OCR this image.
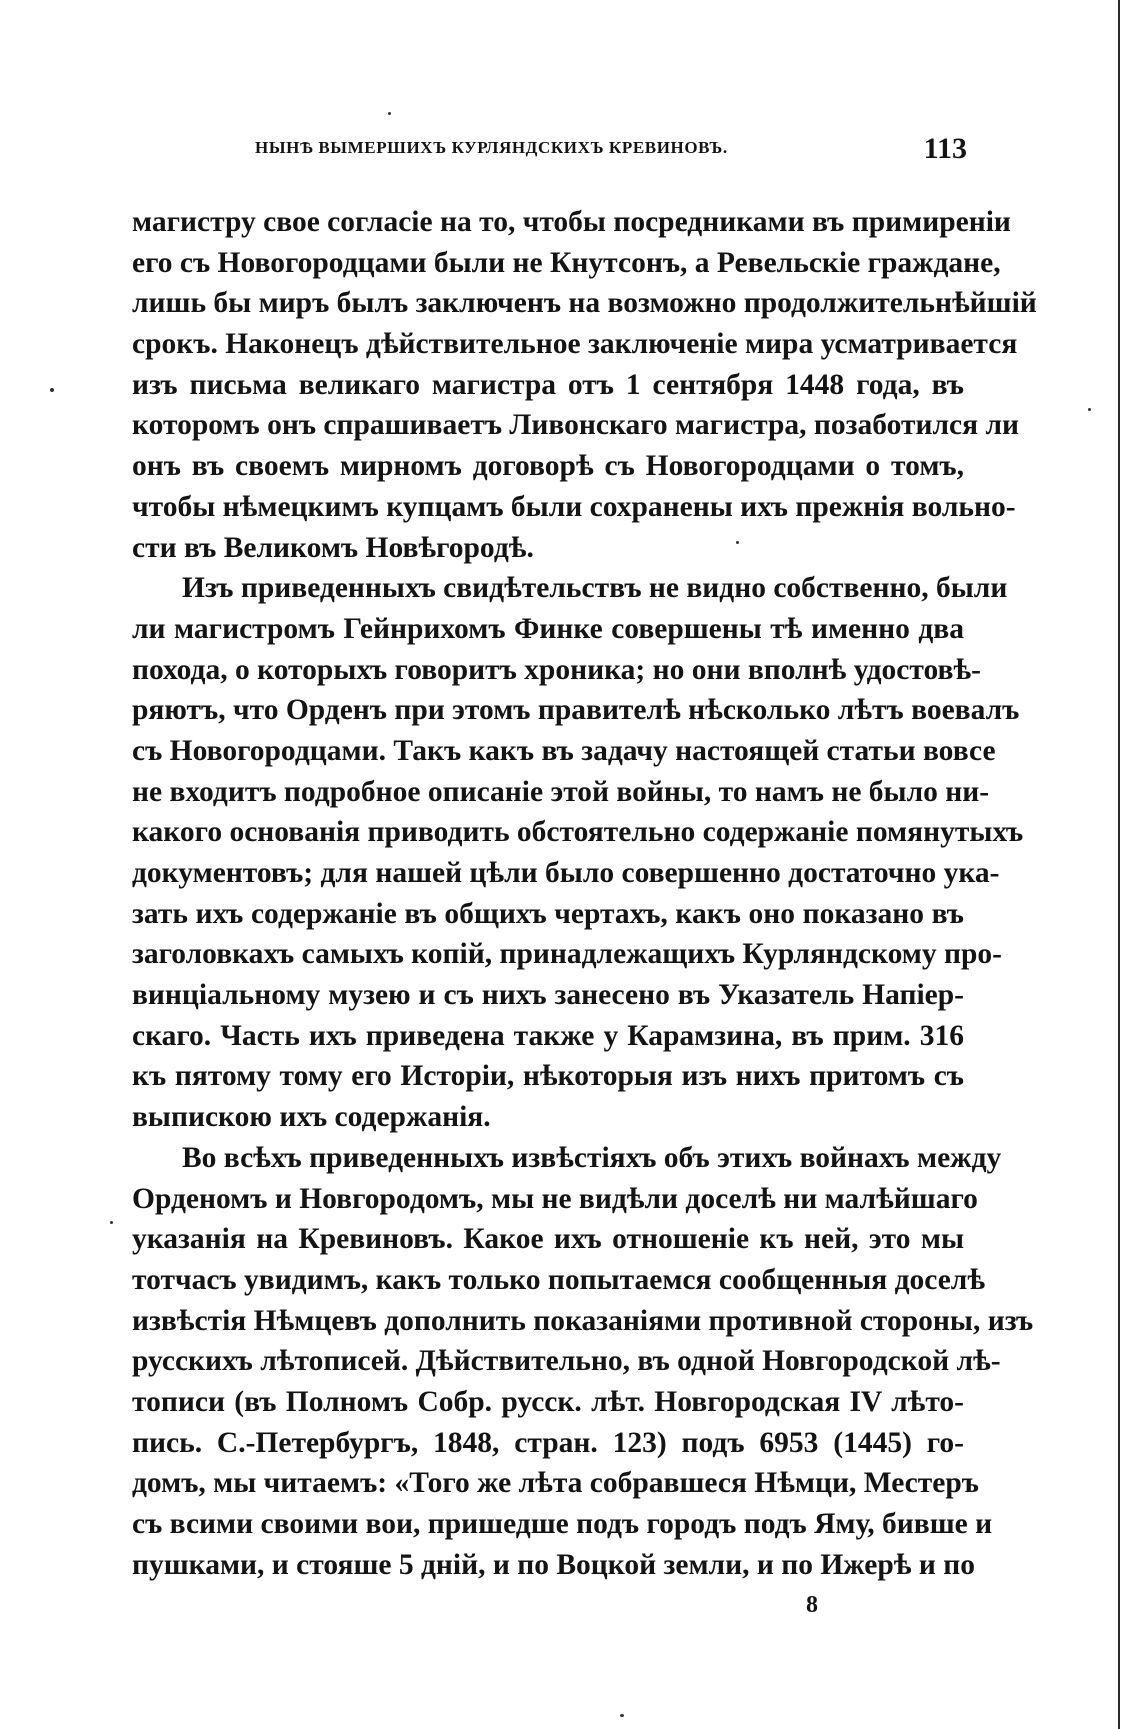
НЫНѢ ВЫМЕРШИХЪ КУРЛЯНДСКИХЪ КРЕВИНОВЪ.	113
магистру свое согласіе на то, чтобы посредниками въ примиреніи
его съ Новогородцами были не Кнутсонъ, а Ревельскіе граждане,
лишь бы миръ былъ заключенъ на возможно продолжительнѣйшій
срокъ. Наконецъ дѣйствительное заключеніе мира усматривается
изъ письма великаго магистра отъ 1 сентября 1448 года, въ
которомъ онъ спрашиваетъ Ливонскаго магистра, позаботился ли
онъ въ своемъ мирномъ договорѣ съ Новогородцами о томъ,
чтобы нѣмецкимъ купцамъ были сохранены ихъ прежнія вольно-
сти въ Великомъ Новѣгородѣ.
Изъ приведенныхъ свидѣтельствъ не видно собственно, были
ли магистромъ Гейнрихомъ Финке совершены тѣ именно два
похода, о которыхъ говоритъ хроника; но они вполнѣ удостовѣ-
ряютъ, что Орденъ при этомъ правителѣ нѣсколько лѣтъ воевалъ
съ Новогородцами. Такъ какъ въ задачу настоящей статьи вовсе
не входитъ подробное описаніе этой войны, то намъ не было ни-
какого основанія приводить обстоятельно содержаніе помянутыхъ
документовъ; для нашей цѣли было совершенно достаточно ука-
зать ихъ содержаніе въ общихъ чертахъ, какъ оно показано въ
заголовкахъ самыхъ копій, принадлежащихъ Курляндскому про-
винціальному музею и съ нихъ занесено въ Указатель Напіер-
скаго. Часть ихъ приведена также у Карамзина, въ прим. 316
къ пятому тому его Исторіи, нѣкоторыя изъ нихъ притомъ съ
выпискою ихъ содержанія.
Во всѣхъ приведенныхъ извѣстіяхъ объ этихъ войнахъ между
Орденомъ и Новгородомъ, мы не видѣли доселѣ ни малѣйшаго
указанія на Кревиновъ. Какое ихъ отношеніе къ ней, это мы
тотчасъ увидимъ, какъ только попытаемся сообщенныя доселѣ
извѣстія Нѣмцевъ дополнить показаніями противной стороны, изъ
русскихъ лѣтописей. Дѣйствительно, въ одной Новгородской лѣ-
тописи (въ Полномъ Собр. русск. лѣт. Новгородская IV лѣто-
пись. С.-Петербургъ, 1848, стран. 123) подъ 6953 (1445) го-
домъ, мы читаемъ: «Того же лѣта собравшеся Нѣмци, Местеръ
съ всими своими вои, пришедше подъ городъ подъ Яму, бивше и
пушками, и стояше 5 днiй, и по Воцкой земли, и по Ижерѣ и по
8
